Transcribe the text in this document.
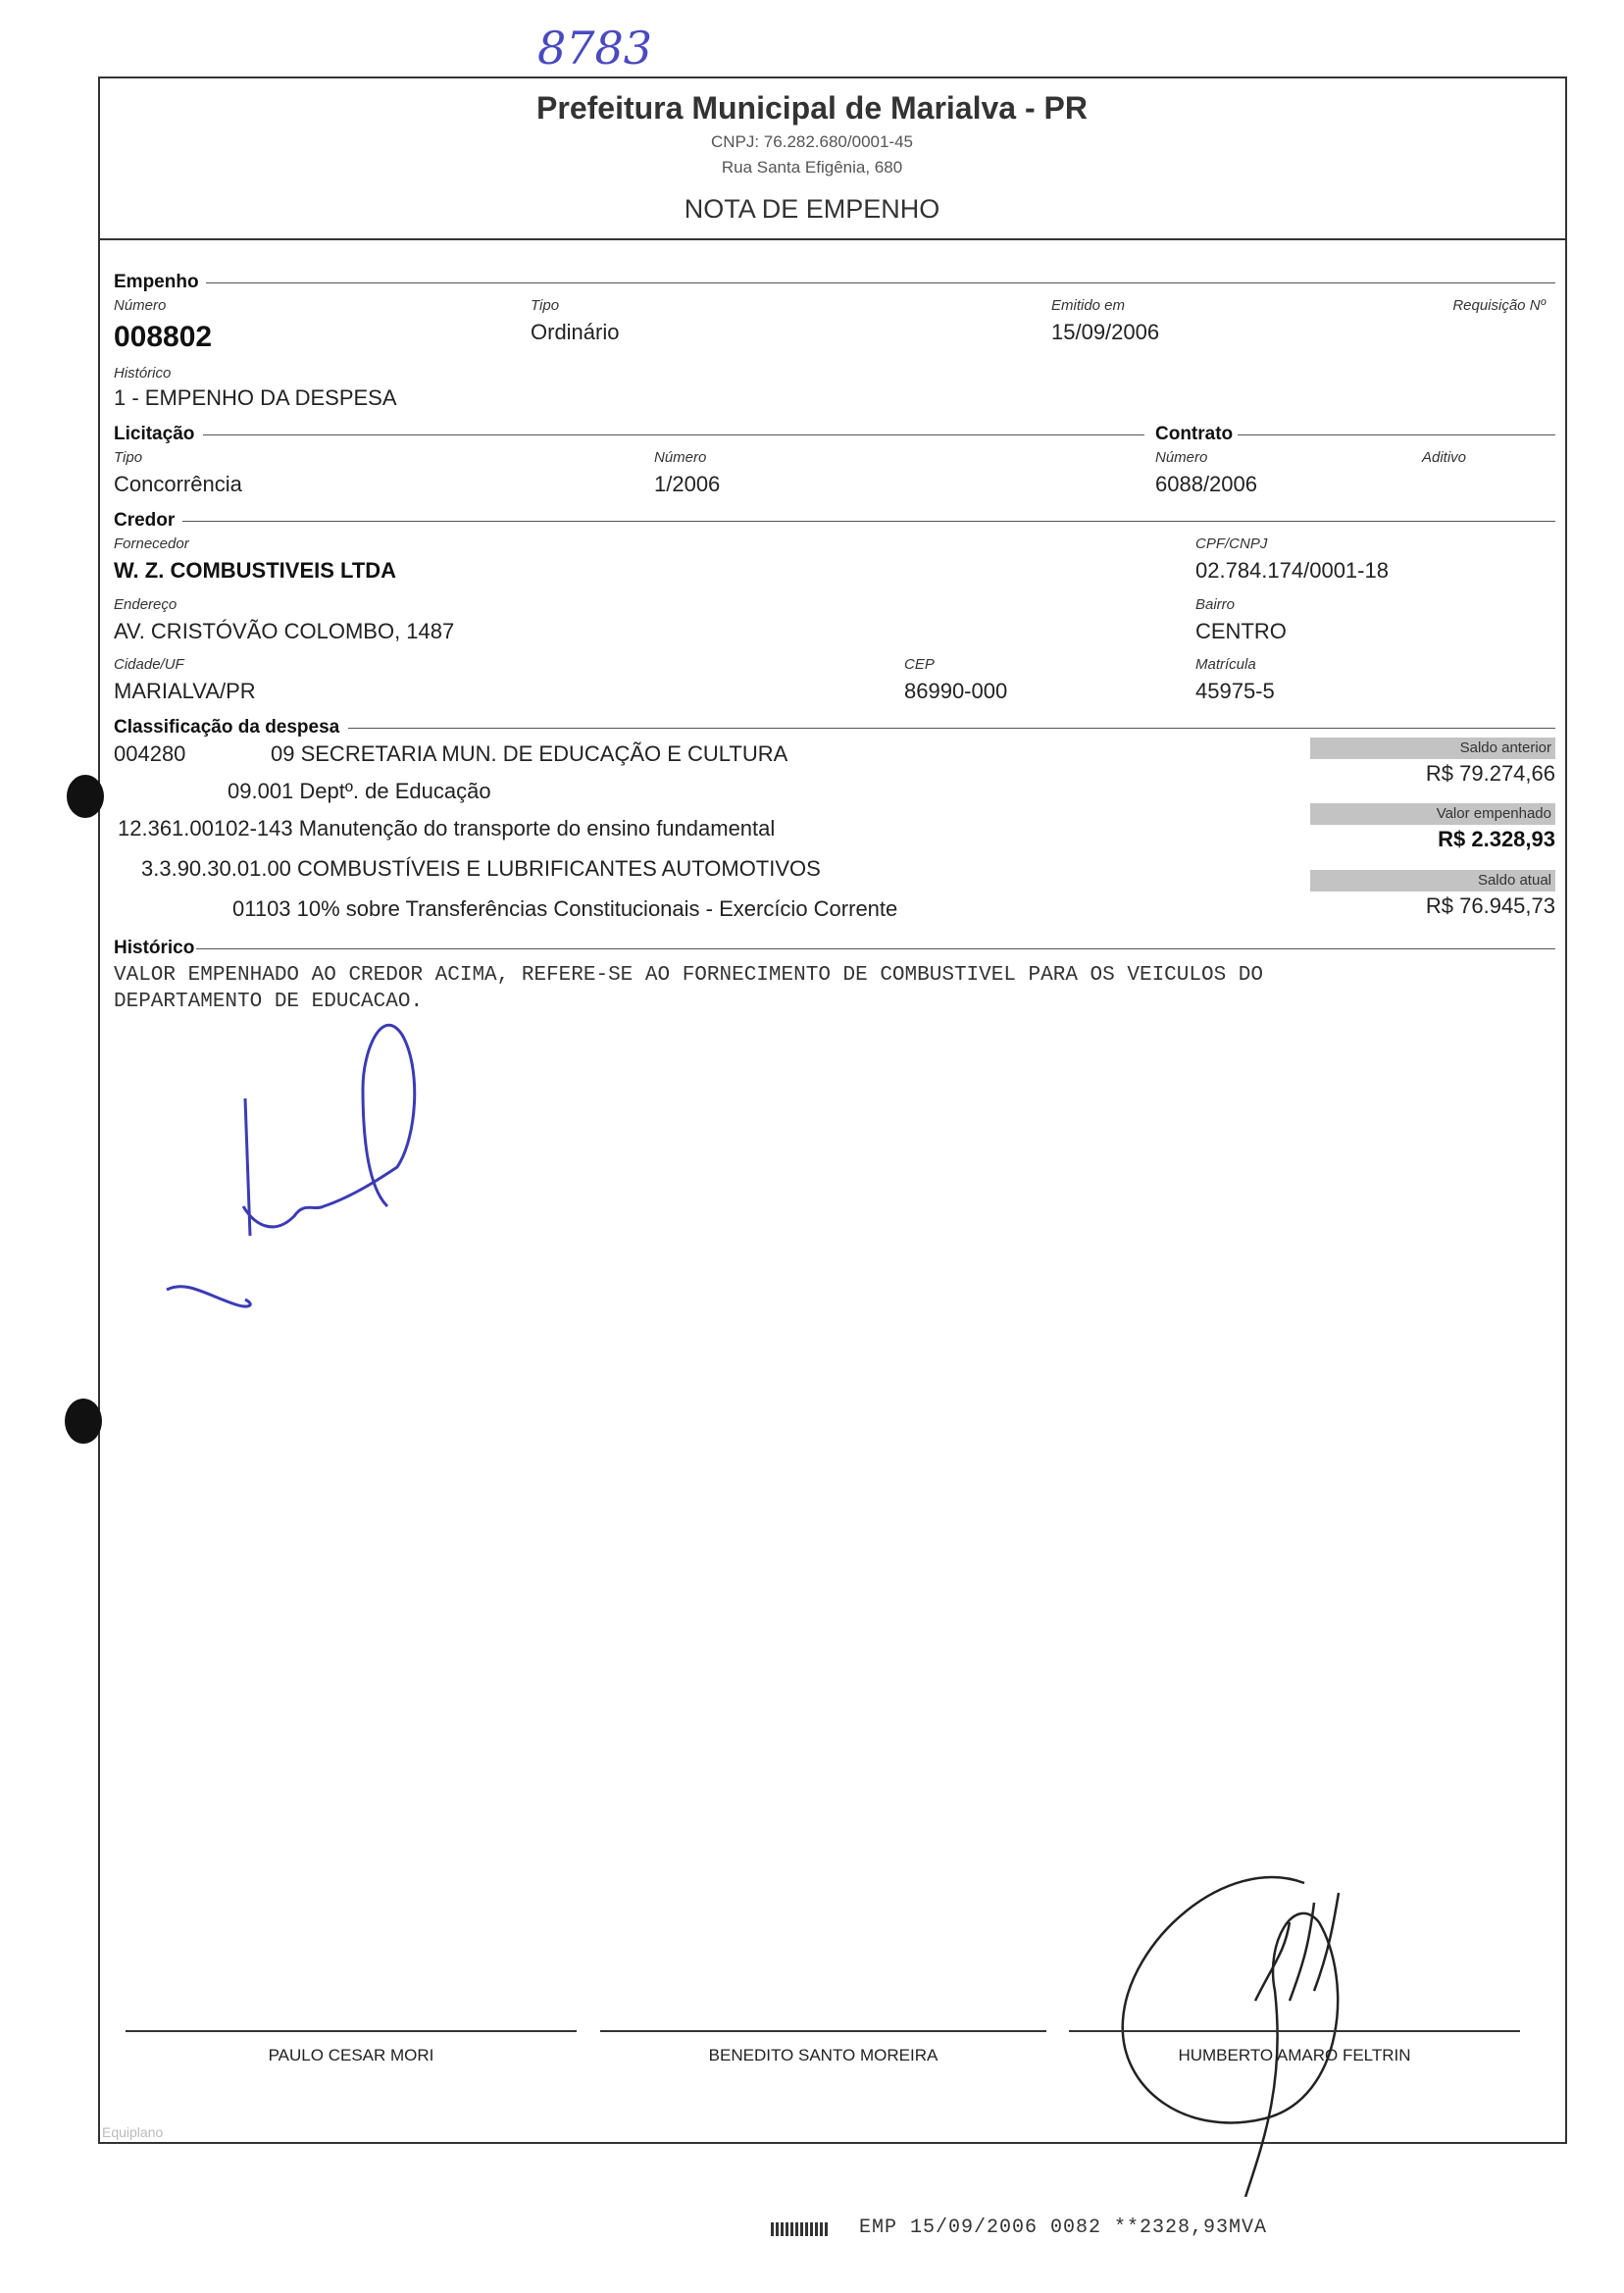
8783
Prefeitura Municipal de Marialva - PR
CNPJ: 76.282.680/0001-45
Rua Santa Efigênia, 680
NOTA DE EMPENHO
Empenho
Número
008802
Tipo
Ordinário
Emitido em
15/09/2006
Requisição Nº
Histórico
1 - EMPENHO DA DESPESA
Licitação	Contrato
Tipo
Concorrência
Número
1/2006
Número
6088/2006
Aditivo
Credor
Fornecedor
W. Z. COMBUSTIVEIS LTDA
CPF/CNPJ
02.784.174/0001-18
Endereço
AV. CRISTÓVÃO COLOMBO, 1487
Bairro
CENTRO
Cidade/UF
MARIALVA/PR
CEP
86990-000
Matrícula
45975-5
Classificação da despesa
004280	09 SECRETARIA MUN. DE EDUCAÇÃO E CULTURA
09.001 Deptº. de Educação
12.361.00102-143 Manutenção do transporte do ensino fundamental
3.3.90.30.01.00 COMBUSTÍVEIS E LUBRIFICANTES AUTOMOTIVOS
01103 10% sobre Transferências Constitucionais - Exercício Corrente
Saldo anterior
R$ 79.274,66
Valor empenhado
R$ 2.328,93
Saldo atual
R$ 76.945,73
Histórico
VALOR EMPENHADO AO CREDOR ACIMA, REFERE-SE AO FORNECIMENTO DE COMBUSTIVEL PARA OS VEICULOS DO
DEPARTAMENTO DE EDUCACAO.
PAULO CESAR MORI	BENEDITO SANTO MOREIRA	HUMBERTO AMARO FELTRIN
Equiplano
EMP 15/09/2006 0082 **2328,93MVA
